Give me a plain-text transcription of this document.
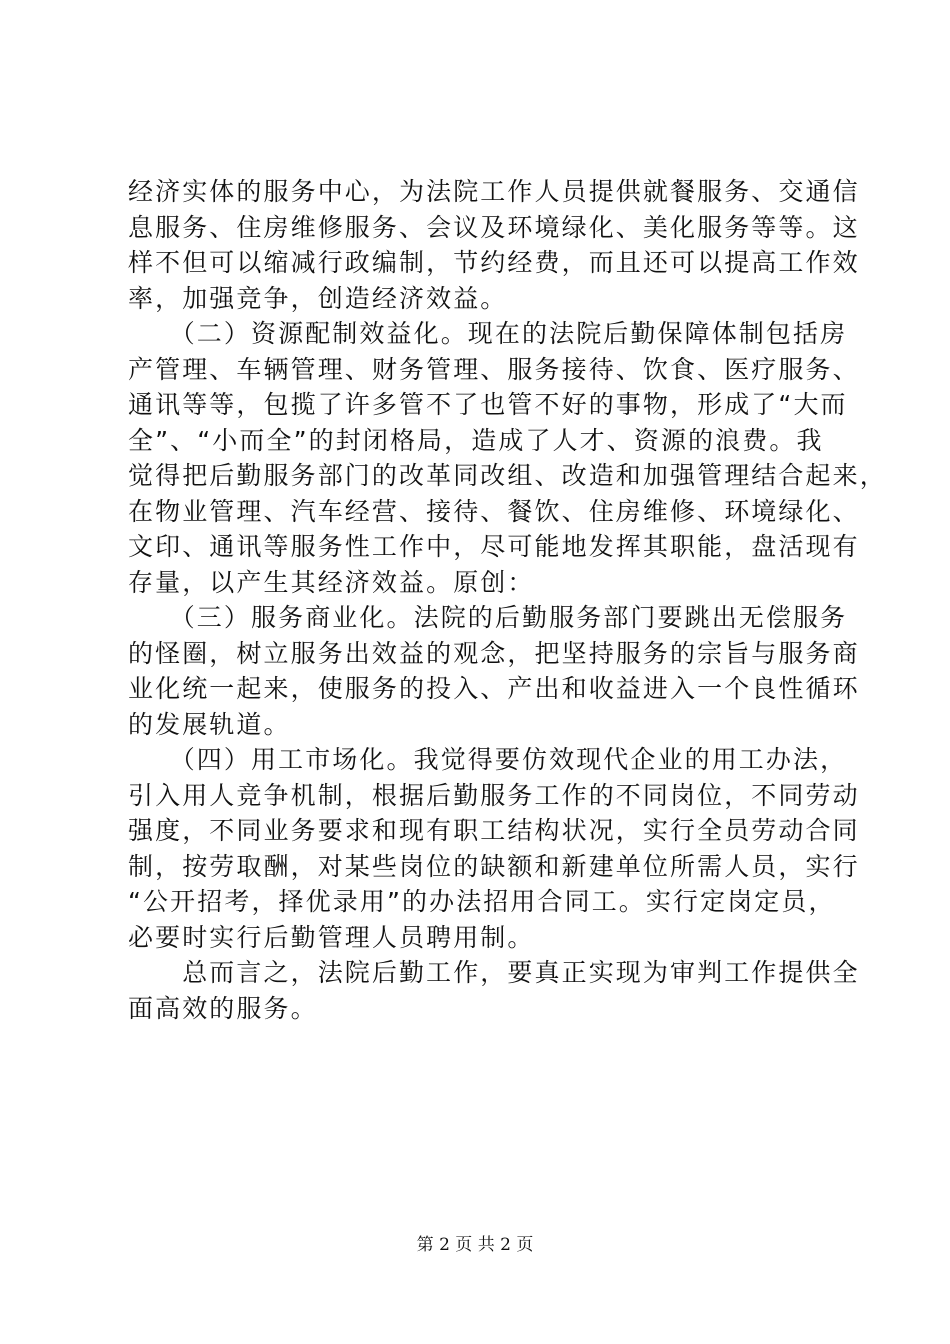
经济实体的服务中心，为法院工作人员提供就餐服务、交通信
息服务、住房维修服务、会议及环境绿化、美化服务等等。这
样不但可以缩减行政编制，节约经费，而且还可以提高工作效
率，加强竞争，创造经济效益。
　　（二）资源配制效益化。现在的法院后勤保障体制包括房
产管理、车辆管理、财务管理、服务接待、饮食、医疗服务、
通讯等等，包揽了许多管不了也管不好的事物，形成了“大而
全”、“小而全”的封闭格局，造成了人才、资源的浪费。我
觉得把后勤服务部门的改革同改组、改造和加强管理结合起来，
在物业管理、汽车经营、接待、餐饮、住房维修、环境绿化、
文印、通讯等服务性工作中，尽可能地发挥其职能，盘活现有
存量，以产生其经济效益。原创：
　　（三）服务商业化。法院的后勤服务部门要跳出无偿服务
的怪圈，树立服务出效益的观念，把坚持服务的宗旨与服务商
业化统一起来，使服务的投入、产出和收益进入一个良性循环
的发展轨道。
　　（四）用工市场化。我觉得要仿效现代企业的用工办法，
引入用人竞争机制，根据后勤服务工作的不同岗位，不同劳动
强度，不同业务要求和现有职工结构状况，实行全员劳动合同
制，按劳取酬，对某些岗位的缺额和新建单位所需人员，实行
“公开招考，择优录用”的办法招用合同工。实行定岗定员，
必要时实行后勤管理人员聘用制。
　　总而言之，法院后勤工作，要真正实现为审判工作提供全
面高效的服务。
第 2 页 共 2 页
